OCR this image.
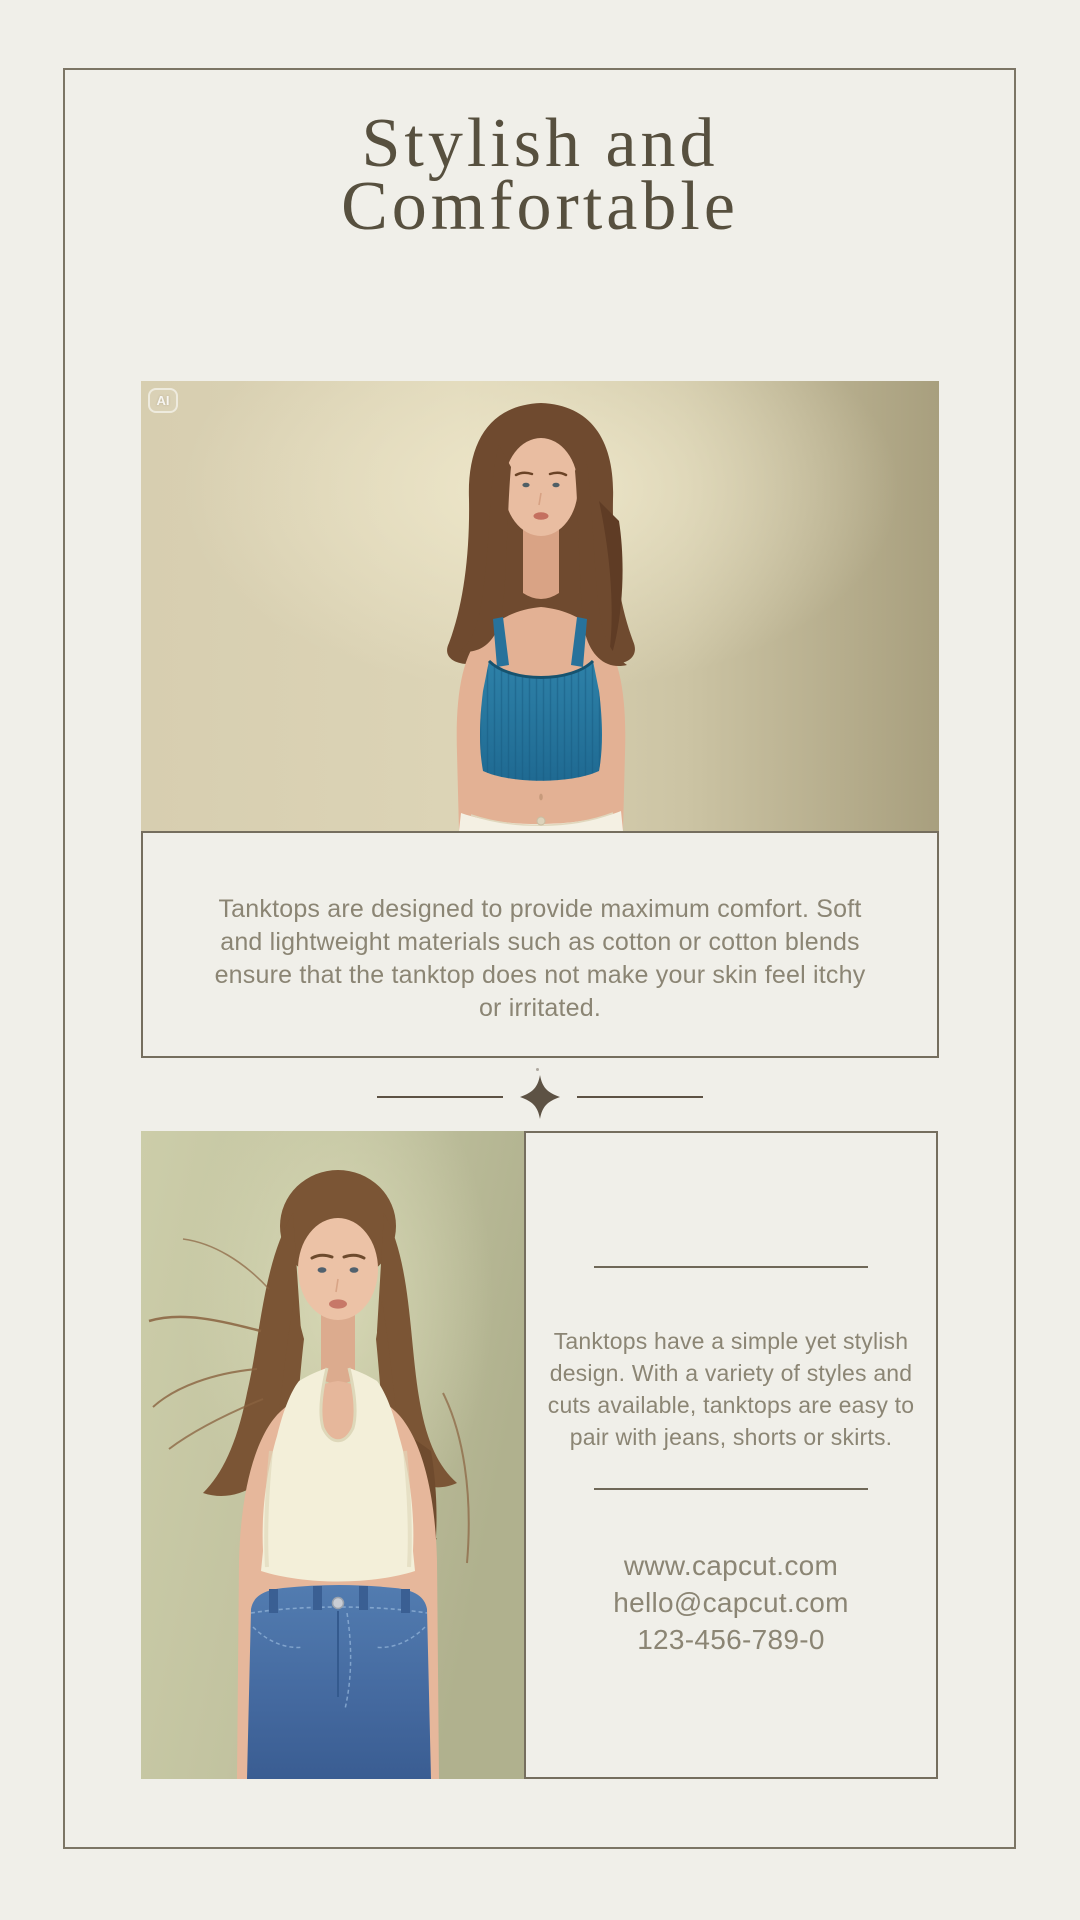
Stylish and
Comfortable
AI

Tanktops are designed to provide maximum comfort. Soft and lightweight materials such as cotton or cotton blends ensure that the tanktop does not make your skin feel itchy or irritated.

Tanktops have a simple yet stylish design. With a variety of styles and cuts available, tanktops are easy to pair with jeans, shorts or skirts.

www.capcut.com
hello@capcut.com
123-456-789-0
